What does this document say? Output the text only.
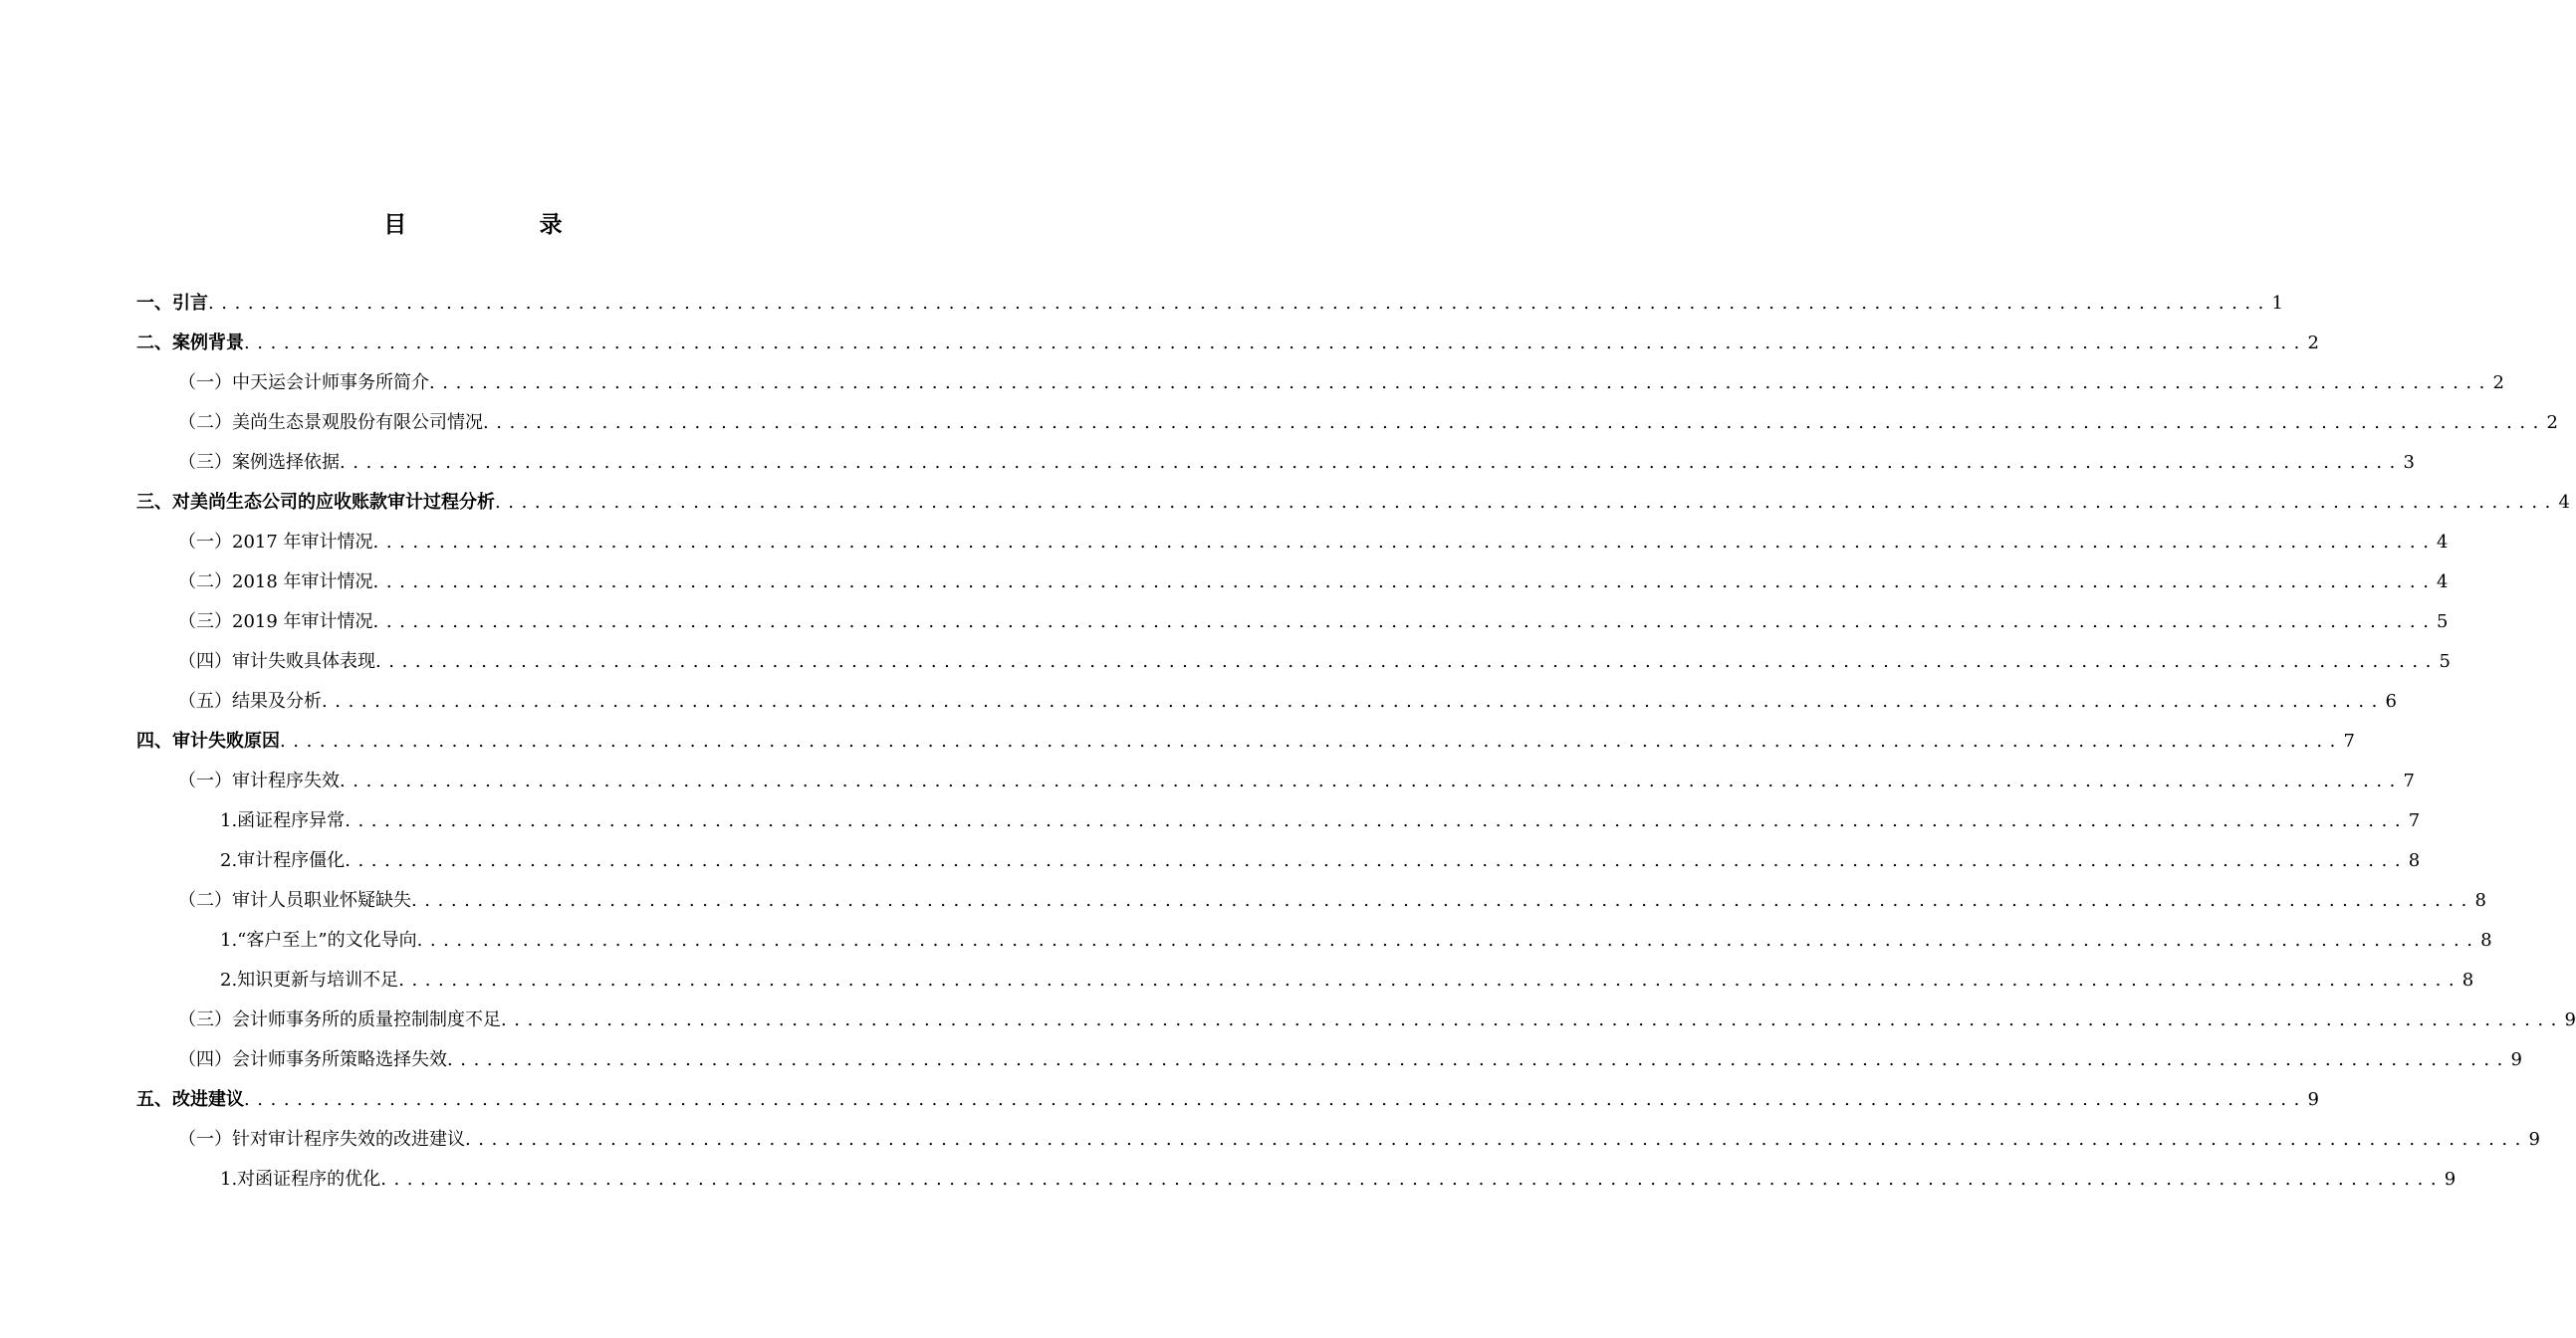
目　录
一、引言 ............................................................................................................................................................ 1
二、案例背景 ............................................................................................................................................................ 2
（一）中天运会计师事务所简介 ............................................................................................................................................................ 2
（二）美尚生态景观股份有限公司情况 ............................................................................................................................................................ 2
（三）案例选择依据 ............................................................................................................................................................ 3
三、对美尚生态公司的应收账款审计过程分析 ............................................................................................................................................................ 4
（一）2017 年审计情况 ............................................................................................................................................................ 4
（二）2018 年审计情况 ............................................................................................................................................................ 4
（三）2019 年审计情况 ............................................................................................................................................................ 5
（四）审计失败具体表现 ............................................................................................................................................................ 5
（五）结果及分析 ............................................................................................................................................................ 6
四、审计失败原因 ............................................................................................................................................................ 7
（一）审计程序失效 ............................................................................................................................................................ 7
1.函证程序异常 ............................................................................................................................................................ 7
2.审计程序僵化 ............................................................................................................................................................ 8
（二）审计人员职业怀疑缺失 ............................................................................................................................................................ 8
1.“客户至上”的文化导向 ............................................................................................................................................................ 8
2.知识更新与培训不足 ............................................................................................................................................................ 8
（三）会计师事务所的质量控制制度不足 ............................................................................................................................................................ 9
（四）会计师事务所策略选择失效 ............................................................................................................................................................ 9
五、改进建议 ............................................................................................................................................................ 9
（一）针对审计程序失效的改进建议 ............................................................................................................................................................ 9
1.对函证程序的优化 ............................................................................................................................................................ 9
